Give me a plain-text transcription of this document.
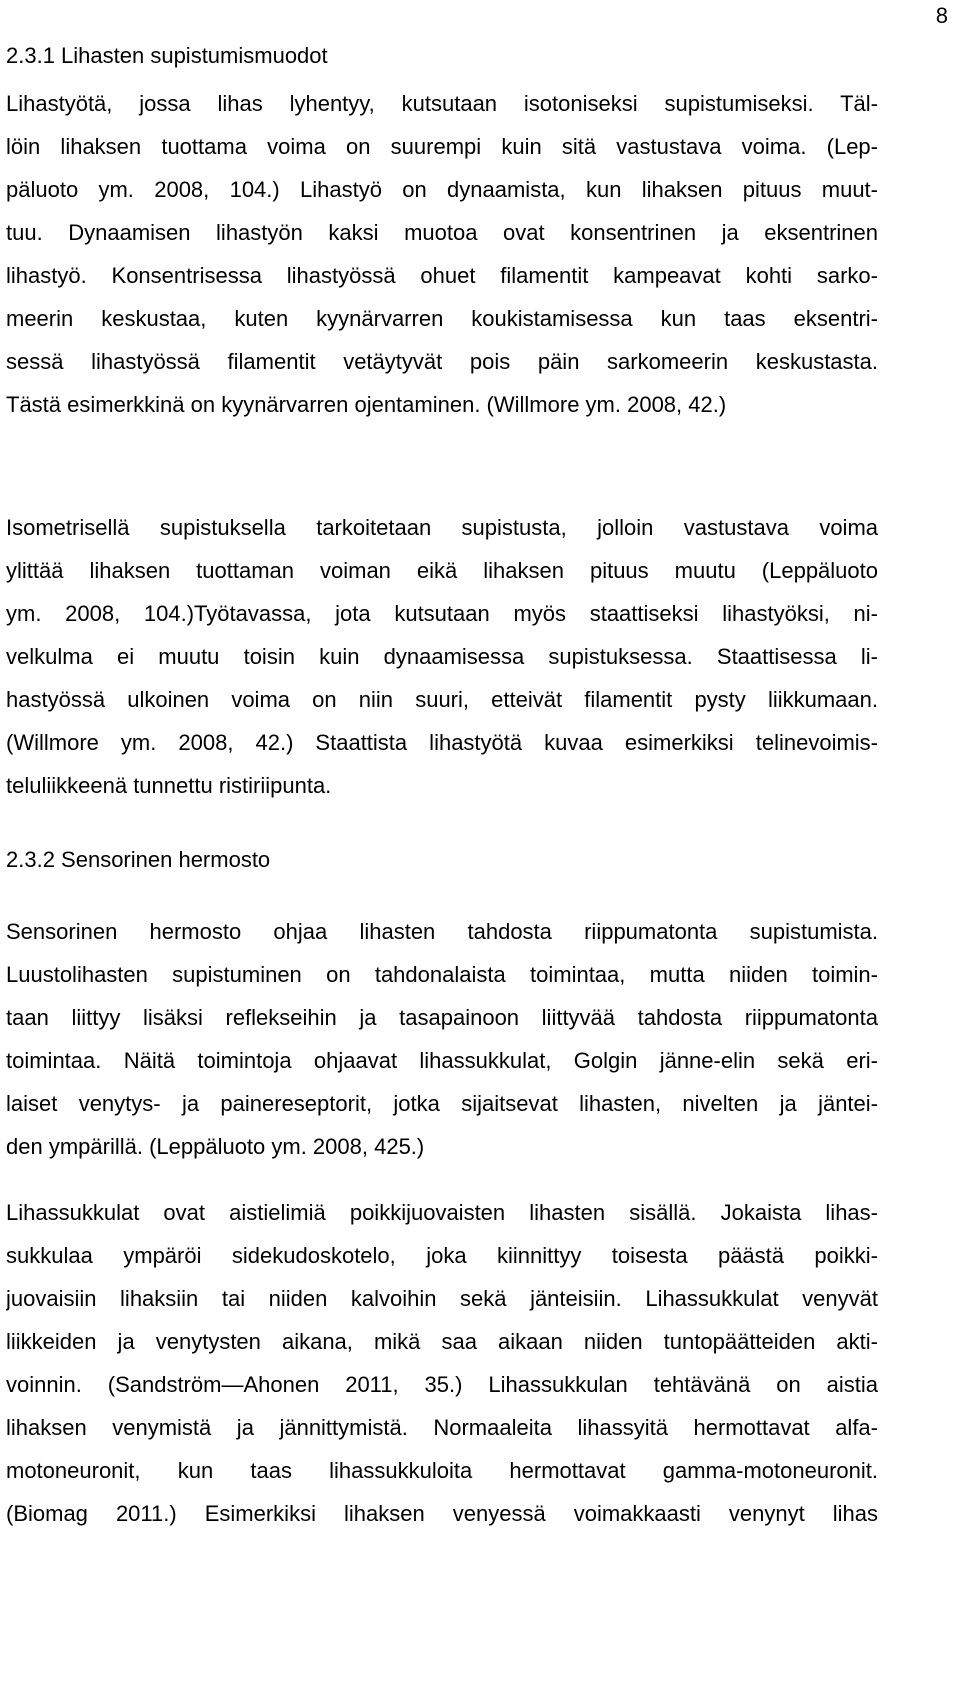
8
2.3.1 Lihasten supistumismuodot
Lihastyötä, jossa lihas lyhentyy, kutsutaan isotoniseksi supistumiseksi. Täl-
löin lihaksen tuottama voima on suurempi kuin sitä vastustava voima. (Lep-
päluoto ym. 2008, 104.) Lihastyö on dynaamista, kun lihaksen pituus muut-
tuu. Dynaamisen lihastyön kaksi muotoa ovat konsentrinen ja eksentrinen
lihastyö. Konsentrisessa lihastyössä ohuet filamentit kampeavat kohti sarko-
meerin keskustaa, kuten kyynärvarren koukistamisessa kun taas eksentri-
sessä lihastyössä filamentit vetäytyvät pois päin sarkomeerin keskustasta.
Tästä esimerkkinä on kyynärvarren ojentaminen. (Willmore ym. 2008, 42.)
Isometrisellä supistuksella tarkoitetaan supistusta, jolloin vastustava voima
ylittää lihaksen tuottaman voiman eikä lihaksen pituus muutu (Leppäluoto
ym. 2008, 104.)Työtavassa, jota kutsutaan myös staattiseksi lihastyöksi, ni-
velkulma ei muutu toisin kuin dynaamisessa supistuksessa. Staattisessa li-
hastyössä ulkoinen voima on niin suuri, etteivät filamentit pysty liikkumaan.
(Willmore ym. 2008, 42.) Staattista lihastyötä kuvaa esimerkiksi telinevoimis-
teluliikkeenä tunnettu ristiriipunta.
2.3.2 Sensorinen hermosto
Sensorinen hermosto ohjaa lihasten tahdosta riippumatonta supistumista.
Luustolihasten supistuminen on tahdonalaista toimintaa, mutta niiden toimin-
taan liittyy lisäksi reflekseihin ja tasapainoon liittyvää tahdosta riippumatonta
toimintaa. Näitä toimintoja ohjaavat lihassukkulat, Golgin jänne-elin sekä eri-
laiset venytys- ja painereseptorit, jotka sijaitsevat lihasten, nivelten ja jäntei-
den ympärillä. (Leppäluoto ym. 2008, 425.)
Lihassukkulat ovat aistielimiä poikkijuovaisten lihasten sisällä. Jokaista lihas-
sukkulaa ympäröi sidekudoskotelo, joka kiinnittyy toisesta päästä poikki-
juovaisiin lihaksiin tai niiden kalvoihin sekä jänteisiin. Lihassukkulat venyvät
liikkeiden ja venytysten aikana, mikä saa aikaan niiden tuntopäätteiden akti-
voinnin. (Sandström—Ahonen 2011, 35.) Lihassukkulan tehtävänä on aistia
lihaksen venymistä ja jännittymistä. Normaaleita lihassyitä hermottavat alfa-
motoneuronit, kun taas lihassukkuloita hermottavat gamma-motoneuronit.
(Biomag 2011.) Esimerkiksi lihaksen venyessä voimakkaasti venynyt lihas
